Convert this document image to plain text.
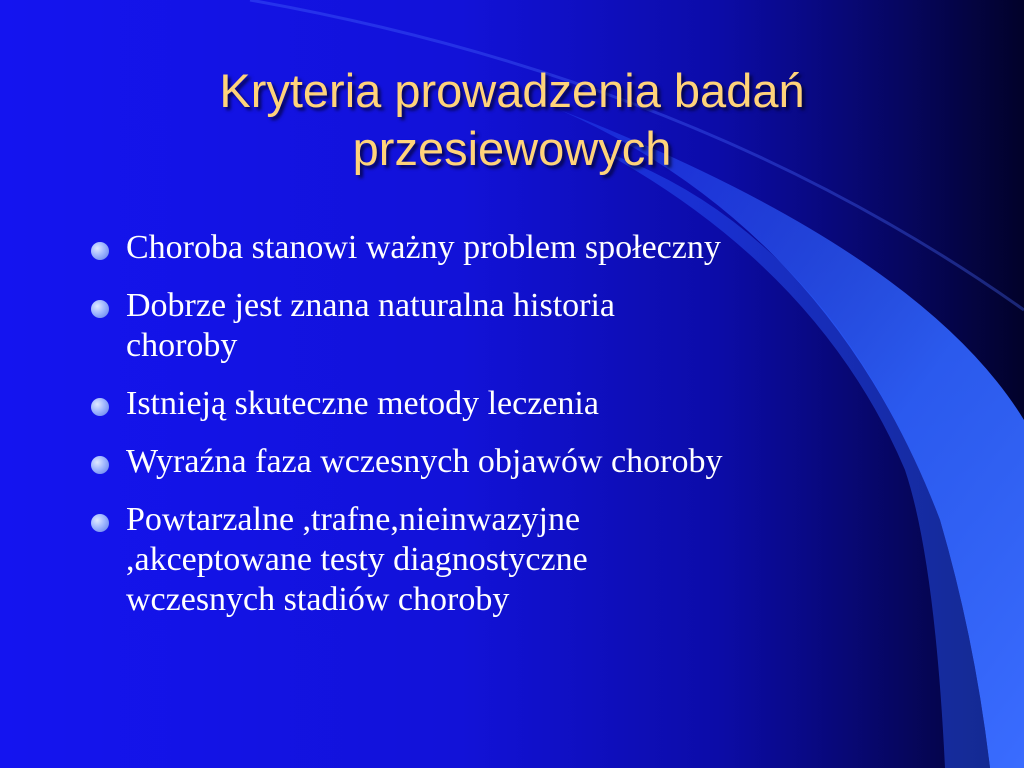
Kryteria prowadzenia badań
przesiewowych
Choroba stanowi ważny problem społeczny
Dobrze jest znana naturalna historia
choroby
Istnieją skuteczne metody leczenia
Wyraźna faza wczesnych objawów choroby
Powtarzalne ,trafne,nieinwazyjne
,akceptowane testy diagnostyczne
wczesnych stadiów choroby
